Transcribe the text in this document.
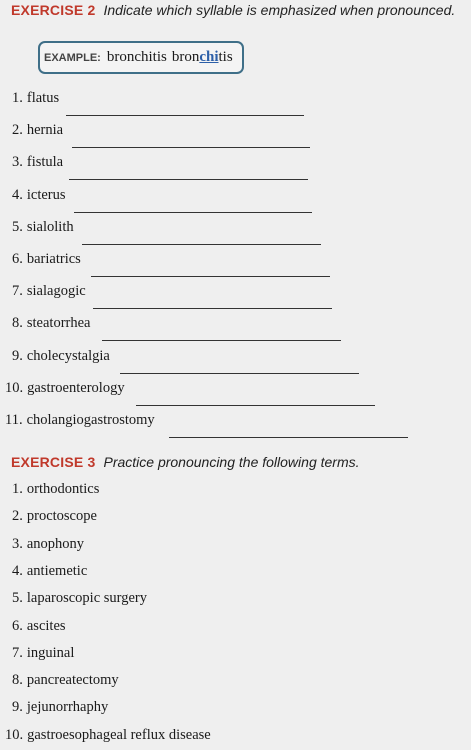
EXERCISE 2 Indicate which syllable is emphasized when pronounced.
EXAMPLE: bronchitis bronchitis
1. flatus
2. hernia
3. fistula
4. icterus
5. sialolith
6. bariatrics
7. sialagogic
8. steatorrhea
9. cholecystalgia
10. gastroenterology
11. cholangiogastrostomy
EXERCISE 3 Practice pronouncing the following terms.
1. orthodontics
2. proctoscope
3. anophony
4. antiemetic
5. laparoscopic surgery
6. ascites
7. inguinal
8. pancreatectomy
9. jejunorrhaphy
10. gastroesophageal reflux disease
